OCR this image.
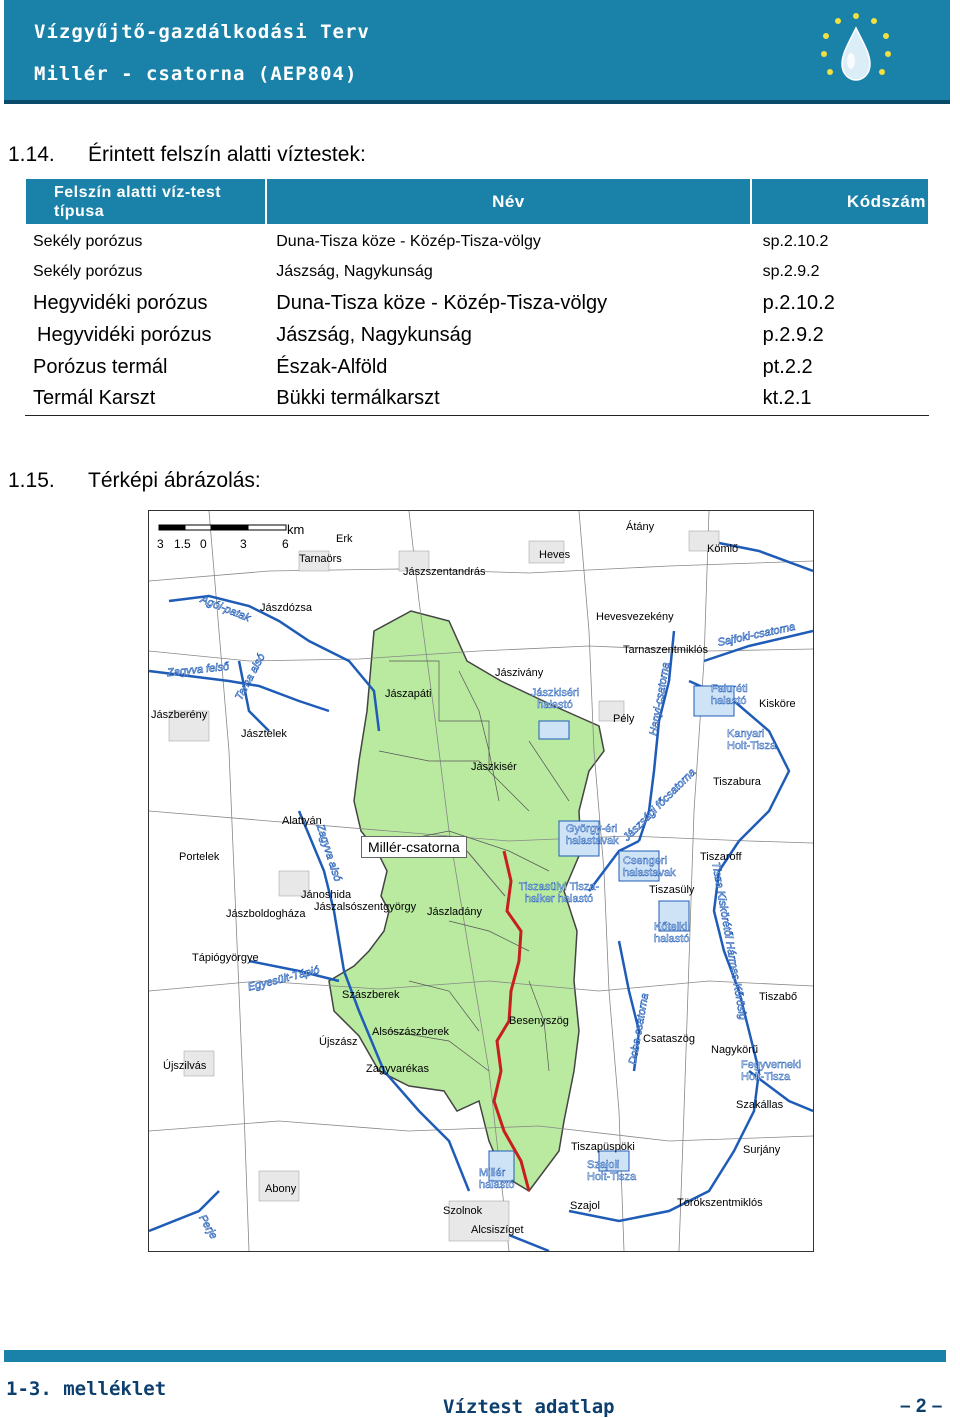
Vízgyűjtő-gazdálkodási Terv
Millér - csatorna (AEP804)
1.14. Érintett felszín alatti víztestek:
Felszín alatti víz-test típusa	Név	Kódszám
Sekély porózus	Duna-Tisza köze - Közép-Tisza-völgy	sp.2.10.2
Sekély porózus	Jászság, Nagykunság	sp.2.9.2
Hegyvidéki porózus	Duna-Tisza köze - Közép-Tisza-völgy	p.2.10.2
Hegyvidéki porózus	Jászság, Nagykunság	p.2.9.2
Porózus termál	Észak-Alföld	pt.2.2
Termál Karszt	Bükki termálkarszt	kt.2.1
1.15. Térképi ábrázolás:
km
3 1.5 0	3	6	Erk
Tarnaörs
Jászszentandrás
Heves
Átány
Kömlő
Jászdózsa
Hevesvezekény
Tarnaszentmiklós
Jászapáti
Jászivány
Jászkiséri halastó
Pély
Faluréti halastó	Kisköre
Jászberény
Jásztelek	Kanyari Holt-Tisza
Jászkisér
Tiszabura
Alattyán
György-éri halastavak
Portelek	Csengeri halastavak
Tiszaroff
Jánoshida
Jászalsószentgyörgy
Tiszasülyi Tisza-halker halastó
Tiszasüly
Jászboldogháza	Jászladány
Kőtelki halastó
Tápiógyörgye
Tiszabő
Szászberek
Besenyszög
Újszász
Alsószászberek
Csataszög
Nagykörű
Újszilvás	Zagyvarékas	Fegyverneki Holt-Tisza
Szakállas
Tiszapüspöki	Surjány
Szajoli Holt-Tisza
Millér halastó
Abony
Törökszentmiklós
Szolnok	Szajol
Alcsiszíget
Ágói-patak
Tarna alsó
Zagyva felső
Sajfoki-csatorna
Hanyi-csatorna
Jászsági főcsatorna
Zagyva alsó
Egyesült-Tápió	Tisza Kiskörétől Hármas-Kőrösig
Doba-csatorna
Perje
Millér-csatorna
1-3. melléklet
Víztest adatlap	– 2 –
